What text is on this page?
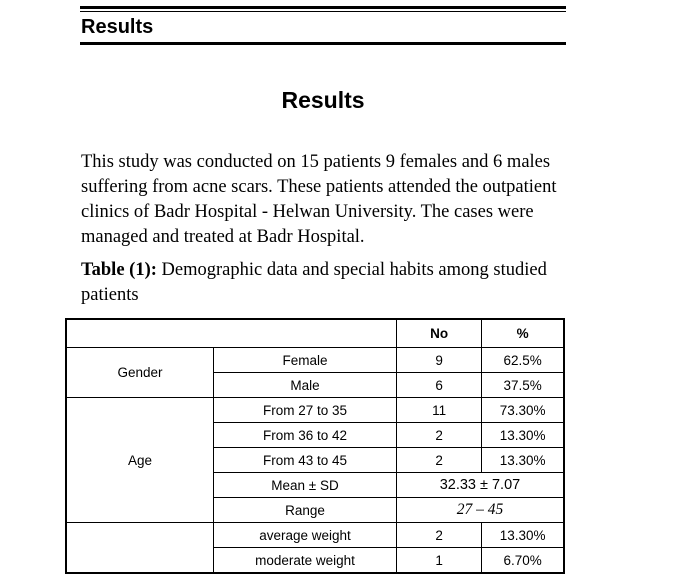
Results
Results

This study was conducted on 15 patients 9 females and 6 males suffering from acne scars. These patients attended the outpatient clinics of Badr Hospital - Helwan University. The cases were managed and treated at Badr Hospital.

Table (1): Demographic data and special habits among studied patients

		No	%
Gender	Female	9	62.5%
	Male	6	37.5%
Age	From 27 to 35	11	73.30%
	From 36 to 42	2	13.30%
	From 43 to 45	2	13.30%
	Mean ± SD	32.33 ± 7.07	
	Range	27 – 45	
	average weight	2	13.30%
	moderate weight	1	6.70%
